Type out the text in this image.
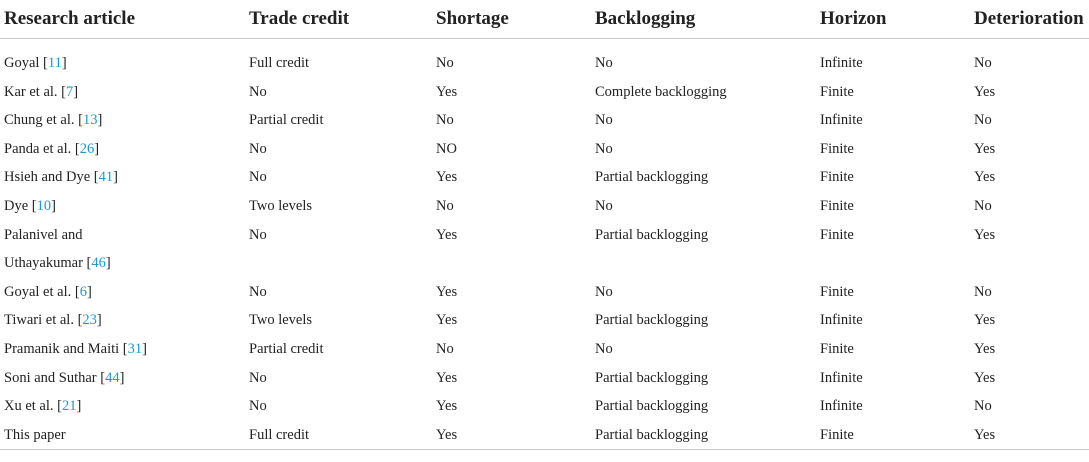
Research article	Trade credit	Shortage	Backlogging	Horizon	Deterioration

Goyal [11]	Full credit	No	No	Infinite	No
Kar et al. [7]	No	Yes	Complete backlogging	Finite	Yes
Chung et al. [13]	Partial credit	No	No	Infinite	No
Panda et al. [26]	No	NO	No	Finite	Yes
Hsieh and Dye [41]	No	Yes	Partial backlogging	Finite	Yes
Dye [10]	Two levels	No	No	Finite	No

Palanivel and
Uthayakumar [46]	No	Yes	Partial backlogging	Finite	Yes
Goyal et al. [6]	No	Yes	No	Finite	No
Tiwari et al. [23]	Two levels	Yes	Partial backlogging	Infinite	Yes
Pramanik and Maiti [31]	Partial credit	No	No	Finite	Yes
Soni and Suthar [44]	No	Yes	Partial backlogging	Infinite	Yes
Xu et al. [21]	No	Yes	Partial backlogging	Infinite	No
This paper	Full credit	Yes	Partial backlogging	Finite	Yes
